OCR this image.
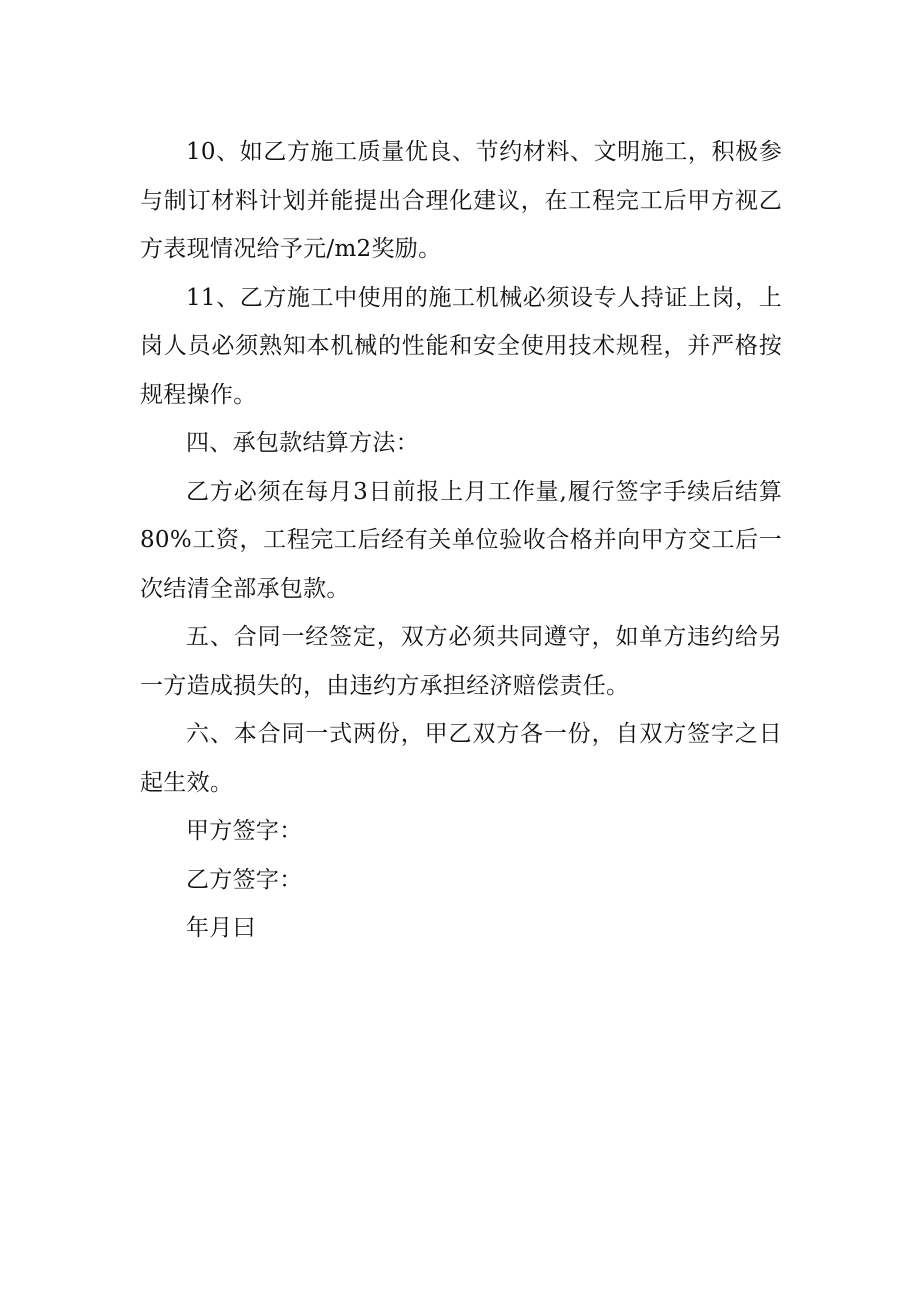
10、如乙方施工质量优良、节约材料、文明施工，积极参与制订材料计划并能提出合理化建议，在工程完工后甲方视乙方表现情况给予元/m2奖励。

11、乙方施工中使用的施工机械必须设专人持证上岗，上岗人员必须熟知本机械的性能和安全使用技术规程，并严格按规程操作。

四、承包款结算方法：

乙方必须在每月3日前报上月工作量,履行签字手续后结算80%工资，工程完工后经有关单位验收合格并向甲方交工后一次结清全部承包款。

五、合同一经签定，双方必须共同遵守，如单方违约给另一方造成损失的，由违约方承担经济赔偿责任。

六、本合同一式两份，甲乙双方各一份，自双方签字之日起生效。

甲方签字：

乙方签字：

年月曰
